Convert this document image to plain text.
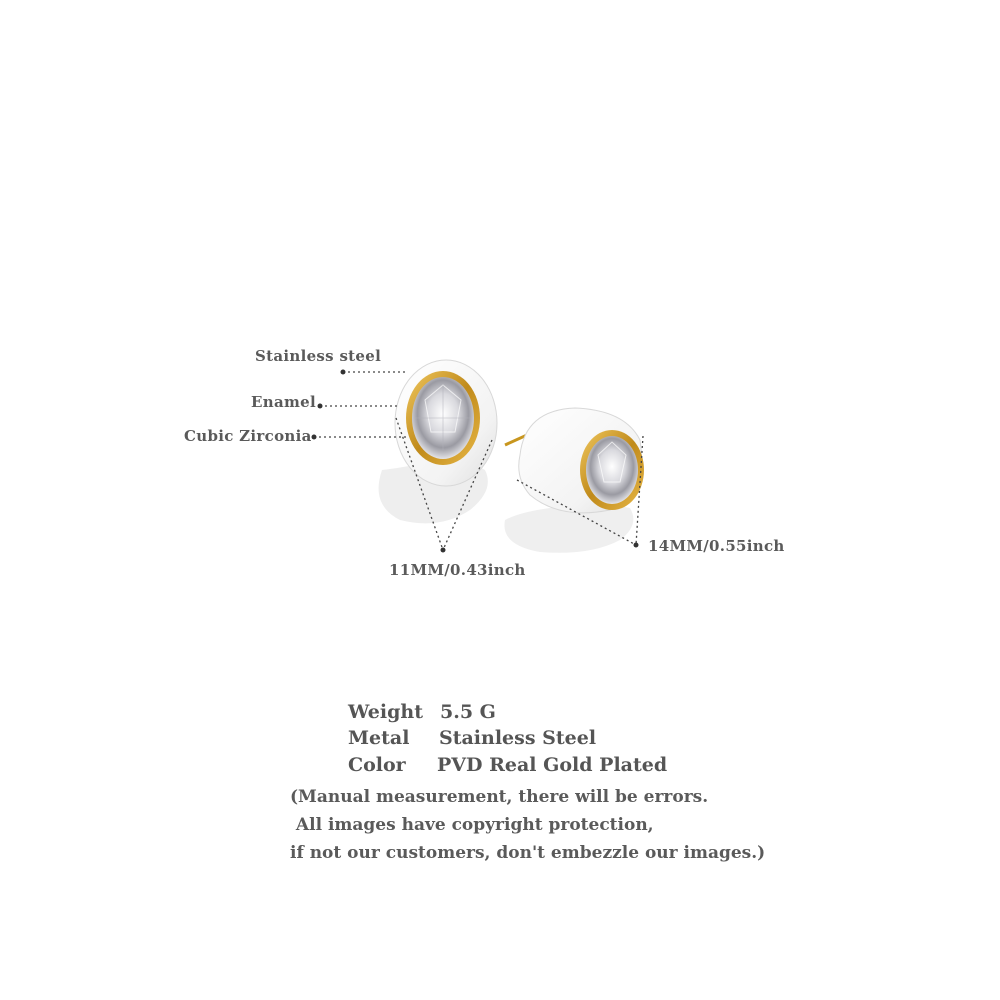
Stainless steel
Enamel
Cubic Zirconia
11MM/0.43inch
14MM/0.55inch
Weight 5.5 G
Metal Stainless Steel
Color PVD Real Gold Plated
(Manual measurement, there will be errors.
All images have copyright protection,
if not our customers, don't embezzle our images.)
